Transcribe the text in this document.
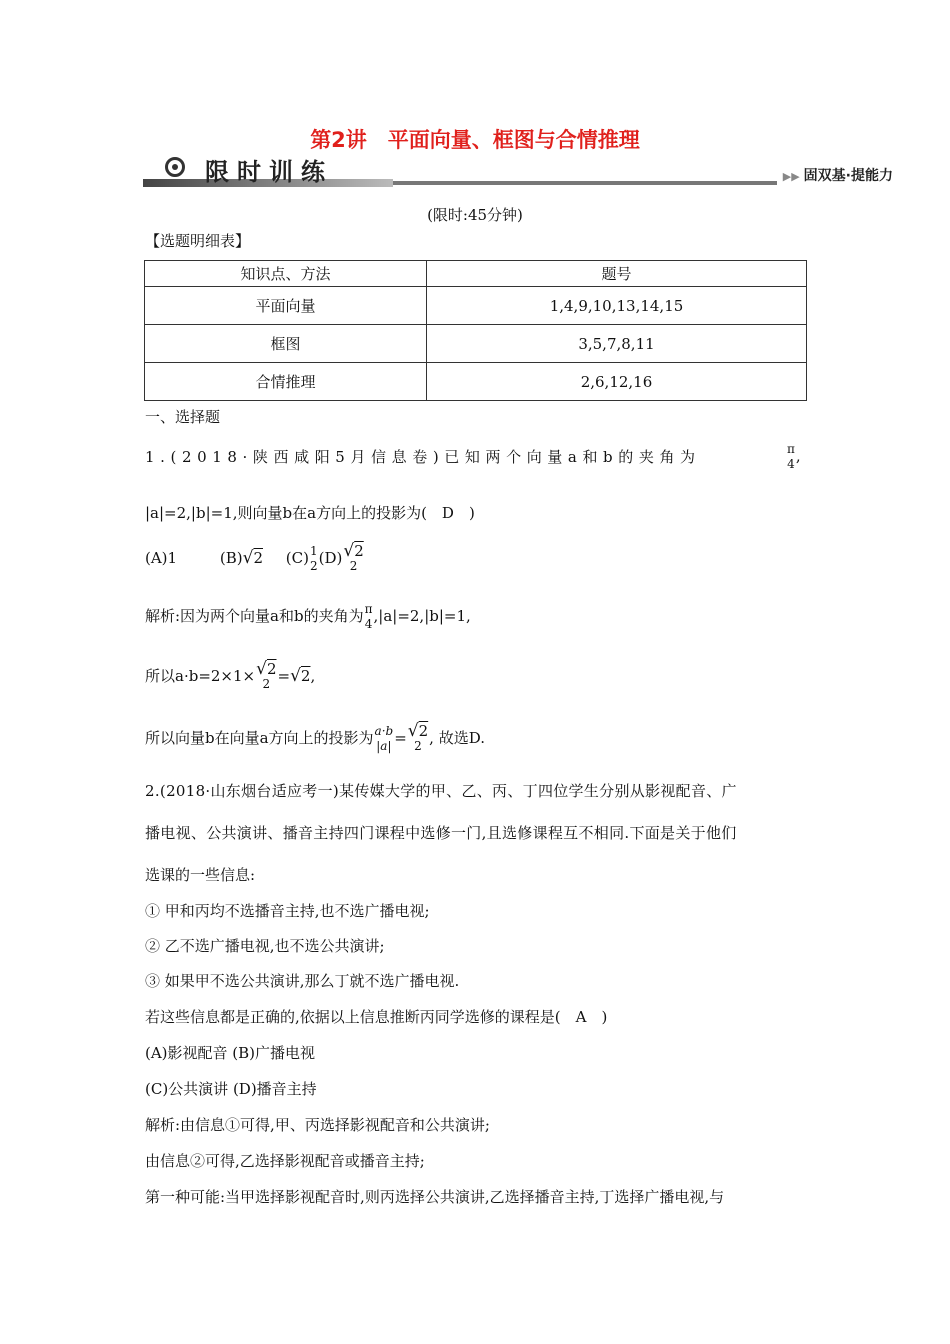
第2讲　平面向量、框图与合情推理
限时训练	▶▶ 固双基·提能力
(限时:45分钟)
【选题明细表】
知识点、方法	题号
平面向量	1,4,9,10,13,14,15
框图	3,5,7,8,11
合情推理	2,6,12,16
一、选择题
1.(2018·陕西咸阳5月信息卷)已知两个向量a和b的夹角为	π
4 ,
|a|=2,|b|=1,则向量b在a方向上的投影为(　D　)
(A)1	(B) √ 2 (C) 1
2 (D) √ 2
2
解析:因为两个向量a和b的夹角为 π
4 ,|a|=2,|b|=1,
所以a·b=2×1× √ 2
2 = √ 2,
所以向量b在向量a方向上的投影为 a·b
|a| = √ 2
2 , 故选D.
2.(2018·山东烟台适应考一)某传媒大学的甲、乙、丙、丁四位学生分别从影视配音、广
播电视、公共演讲、播音主持四门课程中选修一门,且选修课程互不相同.下面是关于他们
选课的一些信息:
① 甲和丙均不选播音主持,也不选广播电视;
② 乙不选广播电视,也不选公共演讲;
③ 如果甲不选公共演讲,那么丁就不选广播电视.
若这些信息都是正确的,依据以上信息推断丙同学选修的课程是(　A　)
(A)影视配音 (B)广播电视
(C)公共演讲 (D)播音主持
解析:由信息①可得,甲、丙选择影视配音和公共演讲;
由信息②可得,乙选择影视配音或播音主持;
第一种可能:当甲选择影视配音时,则丙选择公共演讲,乙选择播音主持,丁选择广播电视,与
